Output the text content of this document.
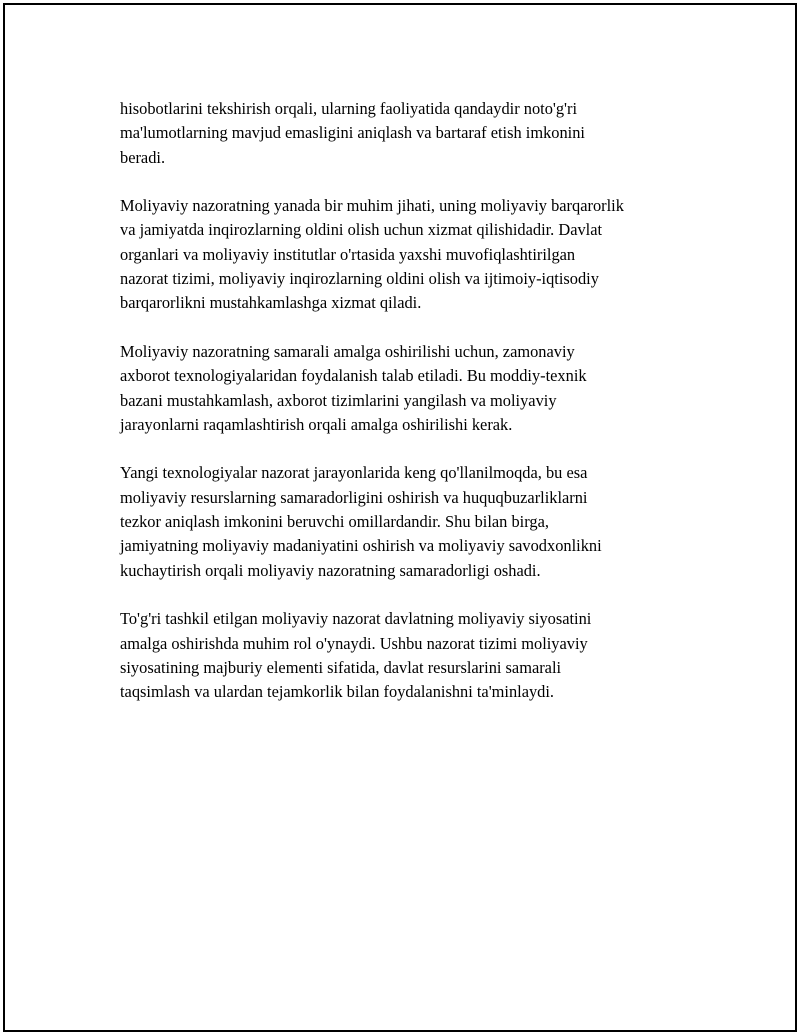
hisobotlarini tekshirish orqali, ularning faoliyatida qandaydir noto'g'ri
ma'lumotlarning mavjud emasligini aniqlash va bartaraf etish imkonini
beradi.

Moliyaviy nazoratning yanada bir muhim jihati, uning moliyaviy barqarorlik
va jamiyatda inqirozlarning oldini olish uchun xizmat qilishidadir. Davlat
organlari va moliyaviy institutlar o'rtasida yaxshi muvofiqlashtirilgan
nazorat tizimi, moliyaviy inqirozlarning oldini olish va ijtimoiy-iqtisodiy
barqarorlikni mustahkamlashga xizmat qiladi.

Moliyaviy nazoratning samarali amalga oshirilishi uchun, zamonaviy
axborot texnologiyalaridan foydalanish talab etiladi. Bu moddiy-texnik
bazani mustahkamlash, axborot tizimlarini yangilash va moliyaviy
jarayonlarni raqamlashtirish orqali amalga oshirilishi kerak.

Yangi texnologiyalar nazorat jarayonlarida keng qo'llanilmoqda, bu esa
moliyaviy resurslarning samaradorligini oshirish va huquqbuzarliklarni
tezkor aniqlash imkonini beruvchi omillardandir. Shu bilan birga,
jamiyatning moliyaviy madaniyatini oshirish va moliyaviy savodxonlikni
kuchaytirish orqali moliyaviy nazoratning samaradorligi oshadi.

To'g'ri tashkil etilgan moliyaviy nazorat davlatning moliyaviy siyosatini
amalga oshirishda muhim rol o'ynaydi. Ushbu nazorat tizimi moliyaviy
siyosatining majburiy elementi sifatida, davlat resurslarini samarali
taqsimlash va ulardan tejamkorlik bilan foydalanishni ta'minlaydi.
